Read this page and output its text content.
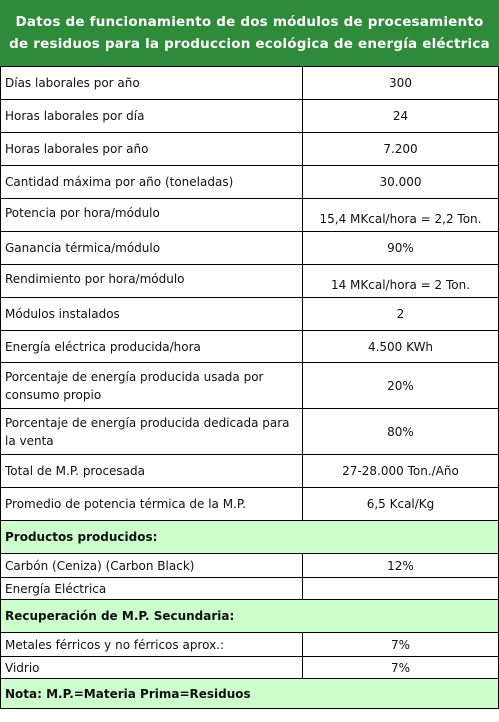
Datos de funcionamiento de dos módulos de procesamiento de residuos para la produccion ecológica de energía eléctrica
Días laborales por año	300
Horas laborales por día	24
Horas laborales por año	7.200
Cantidad máxima por año (toneladas)	30.000
Potencia por hora/módulo	15,4 MKcal/hora = 2,2 Ton.
Ganancia térmica/módulo	90%
Rendimiento por hora/módulo	14 MKcal/hora = 2 Ton.
Módulos instalados	2
Energía eléctrica producida/hora	4.500 KWh
Porcentaje de energía producida usada por consumo propio	20%
Porcentaje de energía producida dedicada para la venta	80%
Total de M.P. procesada	27-28.000 Ton./Año
Promedio de potencia térmica de la M.P.	6,5 Kcal/Kg
Productos producidos:	
Carbón (Ceniza) (Carbon Black)	12%
Energía Eléctrica	
Recuperación de M.P. Secundaria:	
Metales férricos y no férricos aprox.:	7%
Vidrio	7%
Nota: M.P.=Materia Prima=Residuos	
